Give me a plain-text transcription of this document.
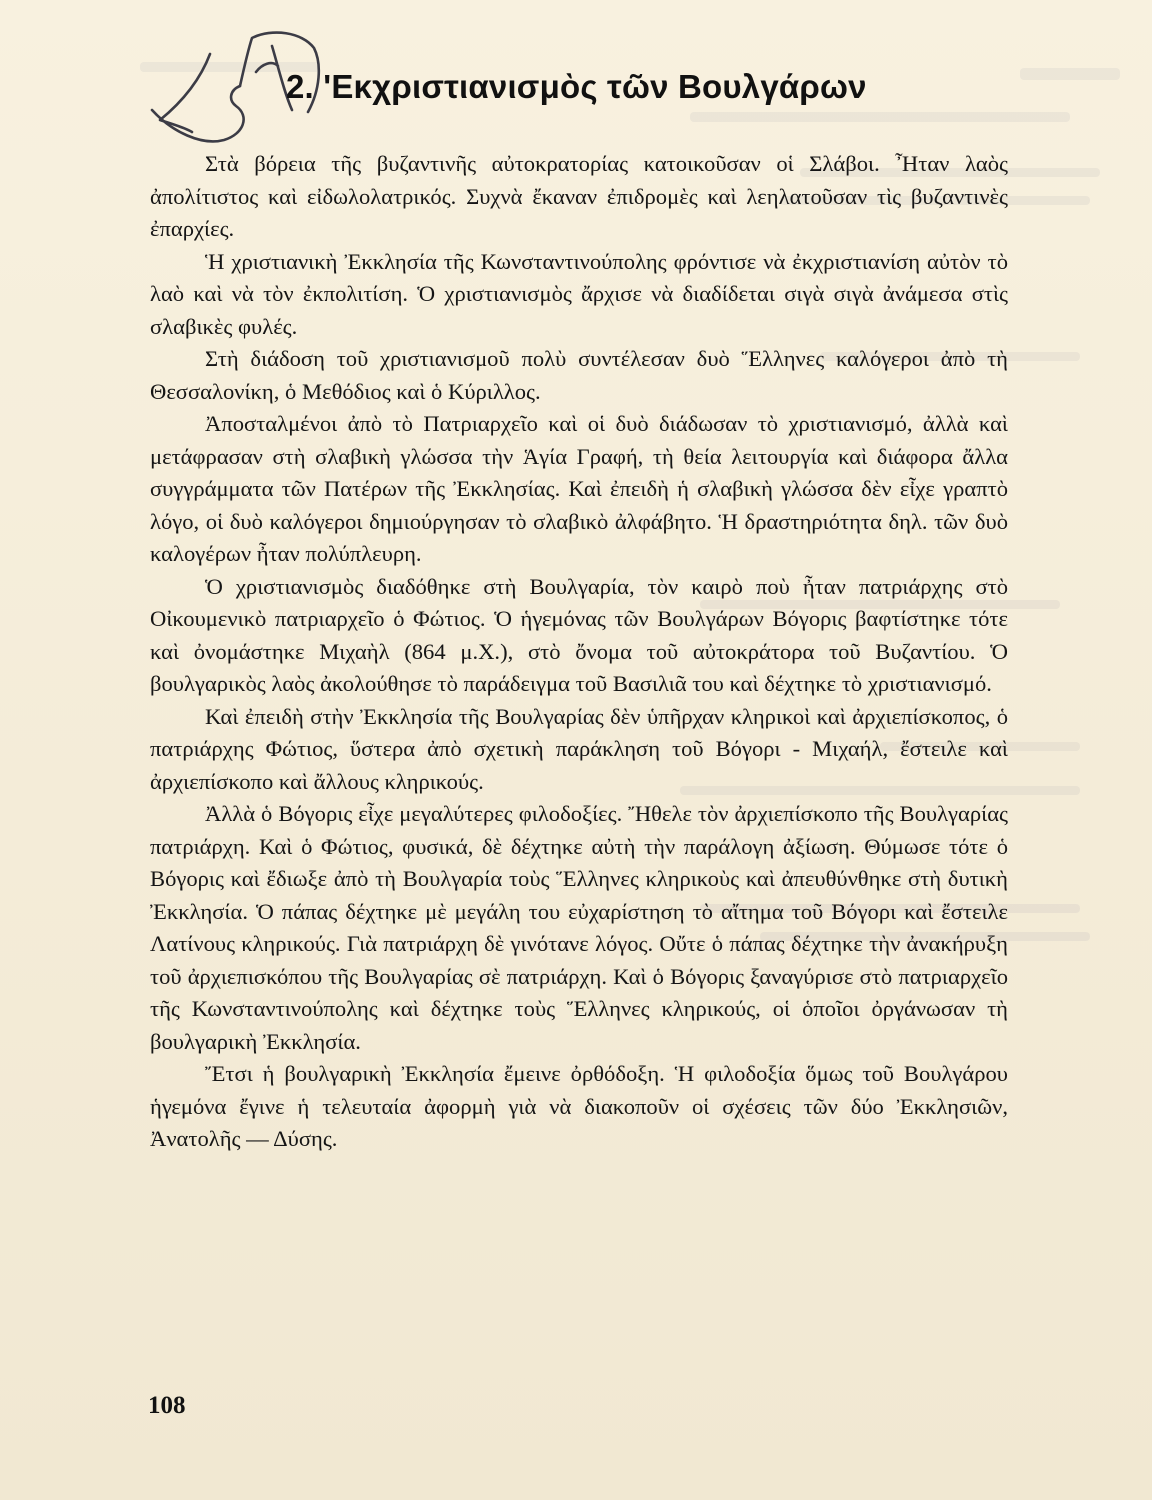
2. 'Εκχριστιανισμὸς τῶν Βουλγάρων

Στὰ βόρεια τῆς βυζαντινῆς αὐτοκρατορίας κατοικοῦσαν οἱ Σλάβοι. Ἦταν λαὸς ἀπολίτιστος καὶ εἰδωλολατρικός. Συχνὰ ἔκαναν ἐπιδρομὲς καὶ λεηλατοῦσαν τὶς βυζαντινὲς ἐπαρχίες.

Ἡ χριστιανικὴ Ἐκκλησία τῆς Κωνσταντινούπολης φρόντισε νὰ ἐκχριστιανίση αὐτὸν τὸ λαὸ καὶ νὰ τὸν ἐκπολιτίση. Ὁ χριστιανισμὸς ἄρχισε νὰ διαδίδεται σιγὰ σιγὰ ἀνάμεσα στὶς σλαβικὲς φυλές.

Στὴ διάδοση τοῦ χριστιανισμοῦ πολὺ συντέλεσαν δυὸ Ἕλληνες καλόγεροι ἀπὸ τὴ Θεσσαλονίκη, ὁ Μεθόδιος καὶ ὁ Κύριλλος.

Ἀποσταλμένοι ἀπὸ τὸ Πατριαρχεῖο καὶ οἱ δυὸ διάδωσαν τὸ χριστιανισμό, ἀλλὰ καὶ μετάφρασαν στὴ σλαβικὴ γλώσσα τὴν Ἁγία Γραφή, τὴ θεία λειτουργία καὶ διάφορα ἄλλα συγγράμματα τῶν Πατέρων τῆς Ἐκκλησίας. Καὶ ἐπειδὴ ἡ σλαβικὴ γλώσσα δὲν εἶχε γραπτὸ λόγο, οἱ δυὸ καλόγεροι δημιούργησαν τὸ σλαβικὸ ἀλφάβητο. Ἡ δραστηριότητα δηλ. τῶν δυὸ καλογέρων ἦταν πολύπλευρη.

Ὁ χριστιανισμὸς διαδόθηκε στὴ Βουλγαρία, τὸν καιρὸ ποὺ ἦταν πατριάρχης στὸ Οἰκουμενικὸ πατριαρχεῖο ὁ Φώτιος. Ὁ ἡγεμόνας τῶν Βουλγάρων Βόγορις βαφτίστηκε τότε καὶ ὀνομάστηκε Μιχαὴλ (864 μ.Χ.), στὸ ὄνομα τοῦ αὐτοκράτορα τοῦ Βυζαντίου. Ὁ βουλγαρικὸς λαὸς ἀκολούθησε τὸ παράδειγμα τοῦ Βασιλιᾶ του καὶ δέχτηκε τὸ χριστιανισμό.

Καὶ ἐπειδὴ στὴν Ἐκκλησία τῆς Βουλγαρίας δὲν ὑπῆρχαν κληρικοὶ καὶ ἀρχιεπίσκοπος, ὁ πατριάρχης Φώτιος, ὕστερα ἀπὸ σχετικὴ παράκληση τοῦ Βόγορι - Μιχαήλ, ἔστειλε καὶ ἀρχιεπίσκοπο καὶ ἄλλους κληρικούς.

Ἀλλὰ ὁ Βόγορις εἶχε μεγαλύτερες φιλοδοξίες. Ἤθελε τὸν ἀρχιεπίσκοπο τῆς Βουλγαρίας πατριάρχη. Καὶ ὁ Φώτιος, φυσικά, δὲ δέχτηκε αὐτὴ τὴν παράλογη ἀξίωση. Θύμωσε τότε ὁ Βόγορις καὶ ἔδιωξε ἀπὸ τὴ Βουλγαρία τοὺς Ἕλληνες κληρικοὺς καὶ ἀπευθύνθηκε στὴ δυτικὴ Ἐκκλησία. Ὁ πάπας δέχτηκε μὲ μεγάλη του εὐχαρίστηση τὸ αἴτημα τοῦ Βόγορι καὶ ἔστειλε Λατίνους κληρικούς. Γιὰ πατριάρχη δὲ γινότανε λόγος. Οὔτε ὁ πάπας δέχτηκε τὴν ἀνακήρυξη τοῦ ἀρχιεπισκόπου τῆς Βουλγαρίας σὲ πατριάρχη. Καὶ ὁ Βόγορις ξαναγύρισε στὸ πατριαρχεῖο τῆς Κωνσταντινούπολης καὶ δέχτηκε τοὺς Ἕλληνες κληρικούς, οἱ ὁποῖοι ὀργάνωσαν τὴ βουλγαρικὴ Ἐκκλησία.

Ἔτσι ἡ βουλγαρικὴ Ἐκκλησία ἔμεινε ὀρθόδοξη. Ἡ φιλοδοξία ὅμως τοῦ Βουλγάρου ἡγεμόνα ἔγινε ἡ τελευταία ἀφορμὴ γιὰ νὰ διακοποῦν οἱ σχέσεις τῶν δύο Ἐκκλησιῶν, Ἀνατολῆς — Δύσης.

108
